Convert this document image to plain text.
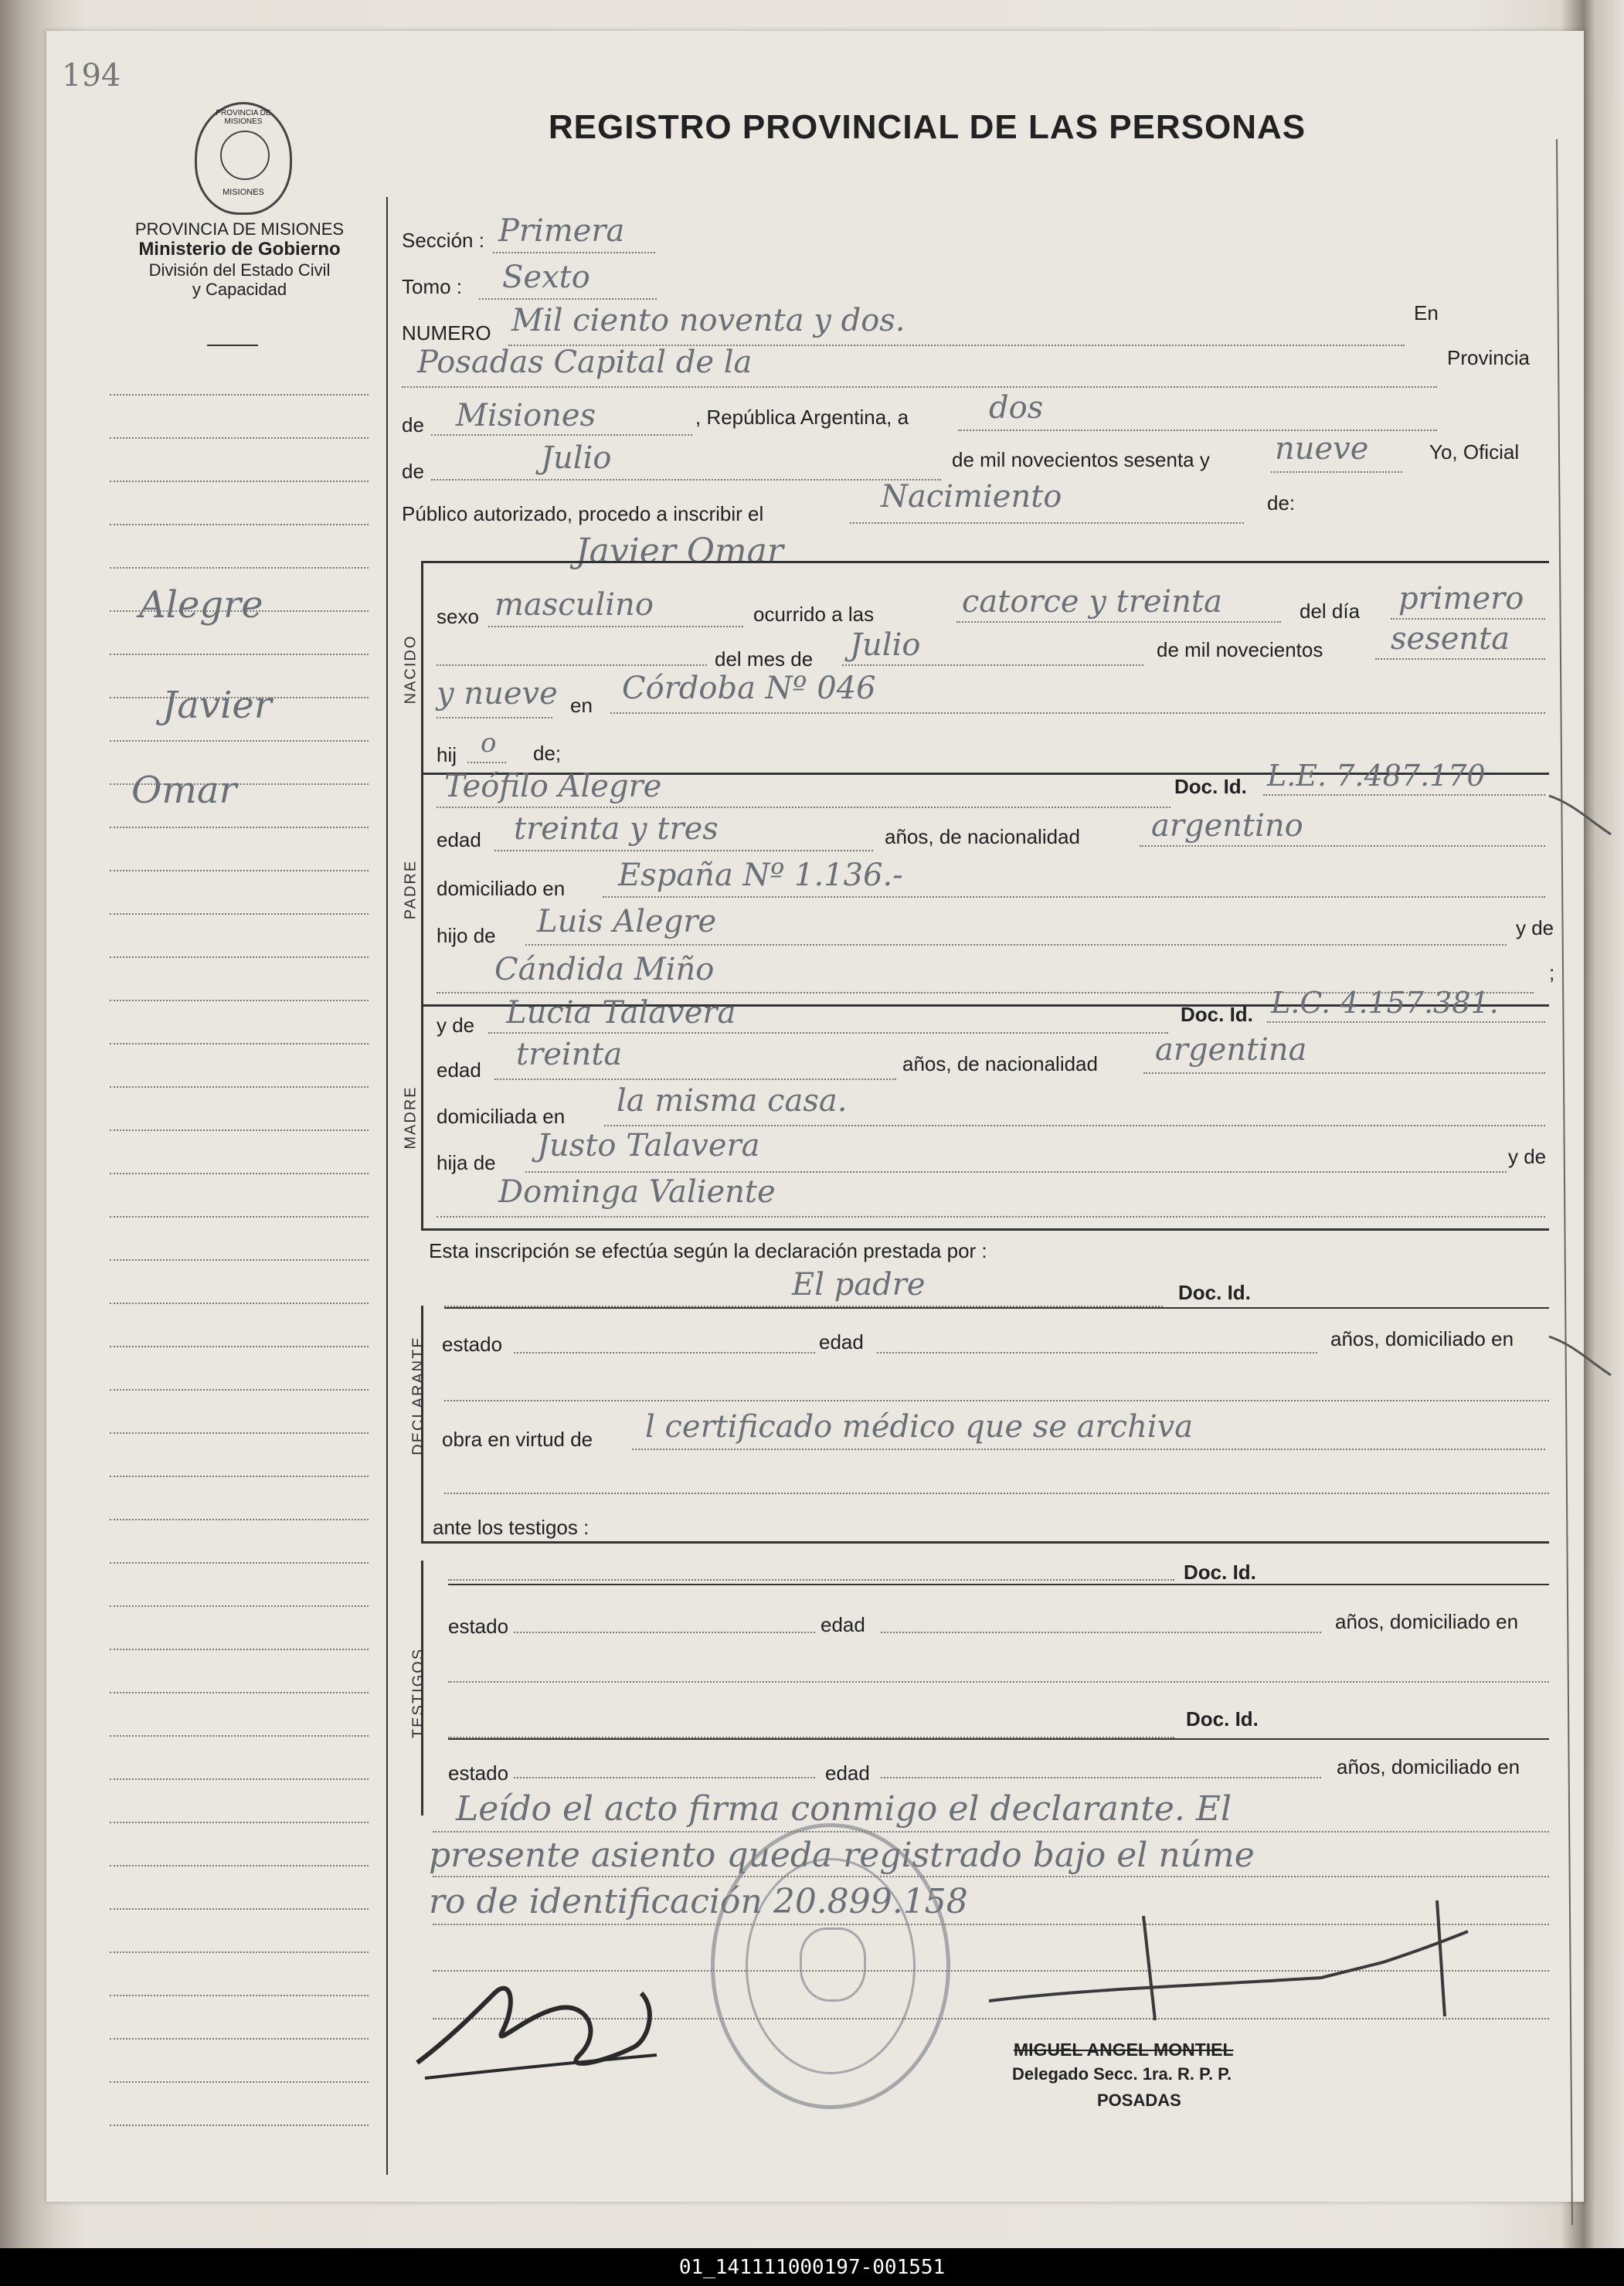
194
PROVINCIA DE MISIONES
MISIONES
PROVINCIA DE MISIONES
Ministerio de Gobierno
División del Estado Civil
y Capacidad
REGISTRO PROVINCIAL DE LAS PERSONAS
Alegre
Javier
Omar
Sección : Primera
Tomo : Sexto
NUMERO Mil ciento noventa y dos.	En
Posadas Capital de la	Provincia
de Misiones	, República Argentina, a	dos
de	Julio	de mil novecientos sesenta y nueve	Yo, Oficial
Público autorizado, procedo a inscribir el	Nacimiento	de:
Javier Omar
NACIDO
sexo masculino	ocurrido a las	catorce y treinta	del día primero
del mes de Julio	de mil novecientos sesenta
y nueve en Córdoba Nº 046
hij o de;
PADRE
Teófilo Alegre	Doc. Id. L.E. 7.487.170
edad treinta y tres	años, de nacionalidad argentino
domiciliado en España Nº 1.136.-
hijo de Luis Alegre	y de
Cándida Miño	;
MADRE
y de Lucia Talavera	Doc. Id. L.C. 4.157.381.
edad treinta	años, de nacionalidad argentina
domiciliada en la misma casa.
hija de Justo Talavera	y de
Dominga Valiente
Esta inscripción se efectúa según la declaración prestada por :
DECLARANTE
El padre	Doc. Id.
estado	edad	años, domiciliado en
obra en virtud de l certificado médico que se archiva
ante los testigos :
TESTIGOS
Doc. Id.
estado	edad	años, domiciliado en
Doc. Id.
estado	edad	años, domiciliado en
Leído el acto firma conmigo el declarante. El
presente asiento queda registrado bajo el núme
ro de identificación 20.899.158
MIGUEL ANGEL MONTIEL
Delegado Secc. 1ra. R. P. P.
POSADAS
01_141111000197-001551
